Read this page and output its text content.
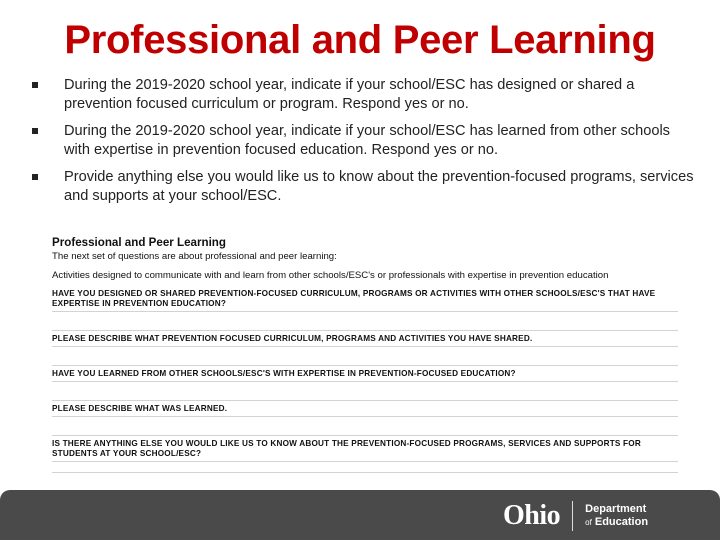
Professional and Peer Learning
During the 2019-2020 school year, indicate if your school/ESC has designed or shared a prevention focused curriculum or program. Respond yes or no.
During the 2019-2020 school year, indicate if your school/ESC has learned from other schools with expertise in prevention focused education. Respond yes or no.
Provide anything else you would like us to know about the prevention-focused programs, services and supports at your school/ESC.
Professional and Peer Learning
The next set of questions are about professional and peer learning:
Activities designed to communicate with and learn from other schools/ESC's or professionals with expertise in prevention education
HAVE YOU DESIGNED OR SHARED PREVENTION-FOCUSED CURRICULUM, PROGRAMS OR ACTIVITIES WITH OTHER SCHOOLS/ESC'S THAT HAVE EXPERTISE IN PREVENTION EDUCATION?
PLEASE DESCRIBE WHAT PREVENTION FOCUSED CURRICULUM, PROGRAMS AND ACTIVITIES YOU HAVE SHARED.
HAVE YOU LEARNED FROM OTHER SCHOOLS/ESC'S WITH EXPERTISE IN PREVENTION-FOCUSED EDUCATION?
PLEASE DESCRIBE WHAT WAS LEARNED.
IS THERE ANYTHING ELSE YOU WOULD LIKE US TO KNOW ABOUT THE PREVENTION-FOCUSED PROGRAMS, SERVICES AND SUPPORTS FOR STUDENTS AT YOUR SCHOOL/ESC?
Ohio Department
of Education
